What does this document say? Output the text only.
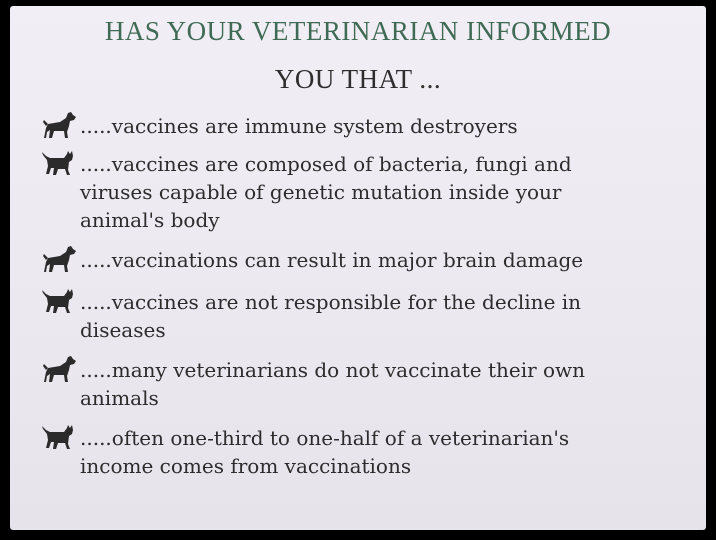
HAS YOUR VETERINARIAN INFORMED
YOU THAT ...
.....vaccines are immune system destroyers
.....vaccines are composed of bacteria, fungi and
viruses capable of genetic mutation inside your
animal's body
.....vaccinations can result in major brain damage
.....vaccines are not responsible for the decline in
diseases
.....many veterinarians do not vaccinate their own
animals
.....often one-third to one-half of a veterinarian's
income comes from vaccinations
